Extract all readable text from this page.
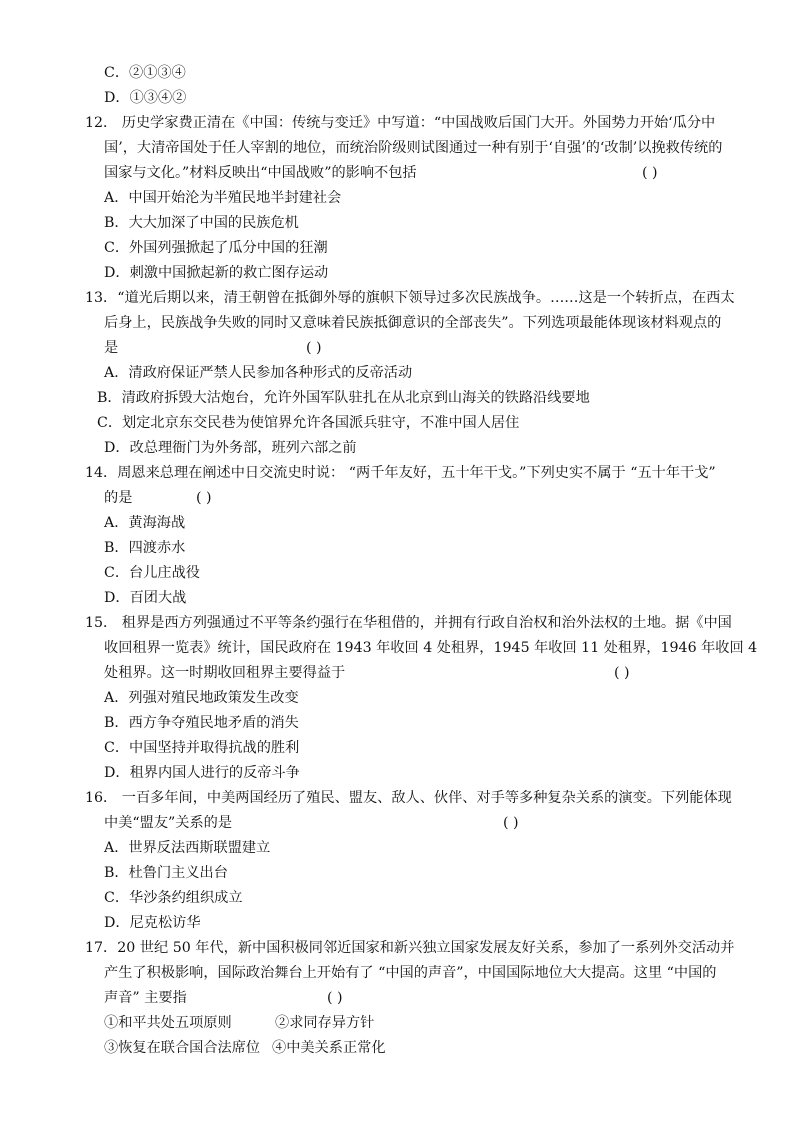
C．②①③④
D．①③④②
12． 历史学家费正清在《中国：传统与变迁》中写道：“中国战败后国门大开。外国势力开始‘瓜分中
国’，大清帝国处于任人宰割的地位，而统治阶级则试图通过一种有别于‘自强’的‘改制’以挽救传统的
国家与文化。”材料反映出“中国战败”的影响不包括	( )
A．中国开始沦为半殖民地半封建社会
B．大大加深了中国的民族危机
C．外国列强掀起了瓜分中国的狂潮
D．刺激中国掀起新的救亡图存运动
13．“道光后期以来，清王朝曾在抵御外辱的旗帜下领导过多次民族战争。……这是一个转折点，在西太
后身上，民族战争失败的同时又意味着民族抵御意识的全部丧失”。下列选项最能体现该材料观点的
是	( )
A．清政府保证严禁人民参加各种形式的反帝活动
B．清政府拆毁大沽炮台，允许外国军队驻扎在从北京到山海关的铁路沿线要地
C．划定北京东交民巷为使馆界允许各国派兵驻守，不准中国人居住
D．改总理衙门为外务部，班列六部之前
14．周恩来总理在阐述中日交流史时说： “两千年友好，五十年干戈。”下列史实不属于 “五十年干戈”
的是	( )
A．黄海海战
B．四渡赤水
C．台儿庄战役
D．百团大战
15． 租界是西方列强通过不平等条约强行在华租借的，并拥有行政自治权和治外法权的土地。据《中国
收回租界一览表》统计，国民政府在 1943 年收回 4 处租界，1945 年收回 11 处租界，1946 年收回 4
处租界。这一时期收回租界主要得益于	( )
A．列强对殖民地政策发生改变
B．西方争夺殖民地矛盾的消失
C．中国坚持并取得抗战的胜利
D．租界内国人进行的反帝斗争
16． 一百多年间，中美两国经历了殖民、盟友、敌人、伙伴、对手等多种复杂关系的演变。下列能体现
中美“盟友”关系的是	( )
A．世界反法西斯联盟建立
B．杜鲁门主义出台
C．华沙条约组织成立
D．尼克松访华
17．20 世纪 50 年代，新中国积极同邻近国家和新兴独立国家发展友好关系，参加了一系列外交活动并
产生了积极影响，国际政治舞台上开始有了 “中国的声音”，中国国际地位大大提高。这里 “中国的
声音” 主要指	( )
①和平共处五项原则	②求同存异方针
③恢复在联合国合法席位 ④中美关系正常化
